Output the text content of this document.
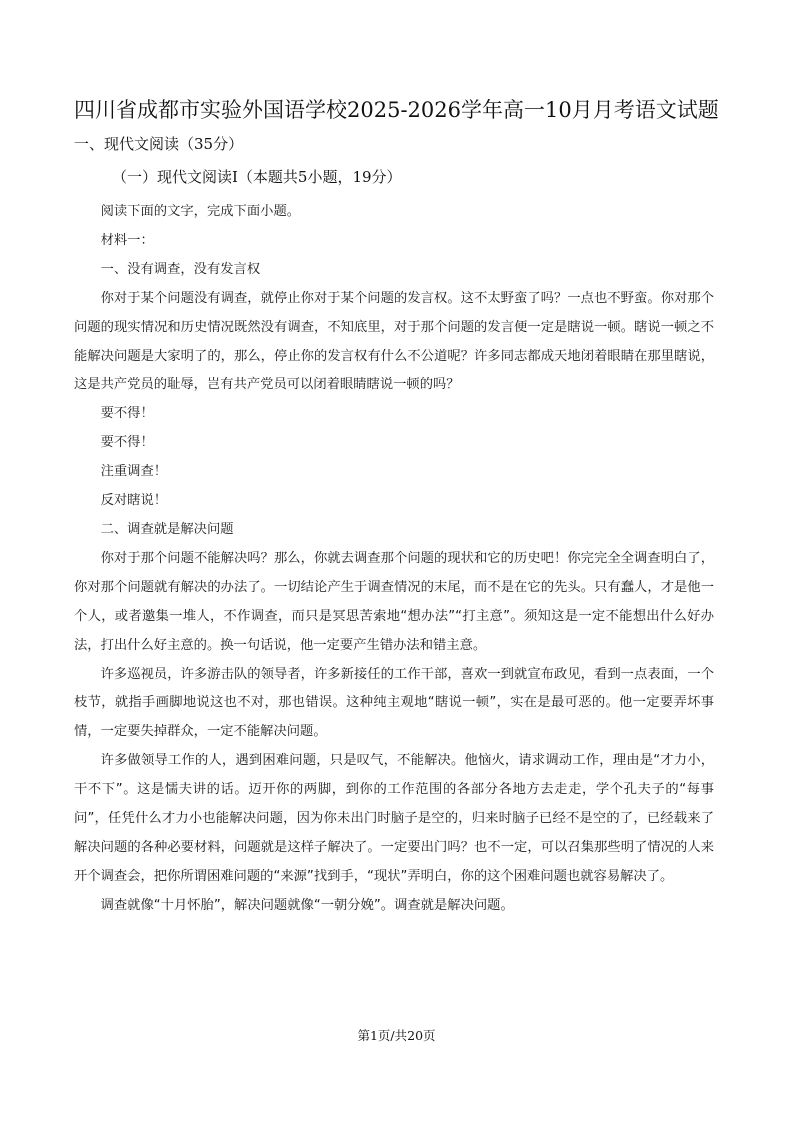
四川省成都市实验外国语学校2025-2026学年高一10月月考语文试题
一、现代文阅读（35分）
（一）现代文阅读I（本题共5小题，19分）

阅读下面的文字，完成下面小题。

材料一：

一、没有调查，没有发言权

你对于某个问题没有调查，就停止你对于某个问题的发言权。这不太野蛮了吗？一点也不野蛮。你对那个问题的现实情况和历史情况既然没有调查，不知底里，对于那个问题的发言便一定是瞎说一顿。瞎说一顿之不能解决问题是大家明了的，那么，停止你的发言权有什么不公道呢？许多同志都成天地闭着眼睛在那里瞎说，这是共产党员的耻辱，岂有共产党员可以闭着眼睛瞎说一顿的吗？

要不得！

要不得！

注重调查！

反对瞎说！

二、调查就是解决问题

你对于那个问题不能解决吗？那么，你就去调查那个问题的现状和它的历史吧！你完完全全调查明白了，你对那个问题就有解决的办法了。一切结论产生于调查情况的末尾，而不是在它的先头。只有蠢人，才是他一个人，或者邀集一堆人，不作调查，而只是冥思苦索地“想办法”“打主意”。须知这是一定不能想出什么好办法，打出什么好主意的。换一句话说，他一定要产生错办法和错主意。

许多巡视员，许多游击队的领导者，许多新接任的工作干部，喜欢一到就宣布政见，看到一点表面，一个枝节，就指手画脚地说这也不对，那也错误。这种纯主观地“瞎说一顿”，实在是最可恶的。他一定要弄坏事情，一定要失掉群众，一定不能解决问题。

许多做领导工作的人，遇到困难问题，只是叹气，不能解决。他恼火，请求调动工作，理由是“才力小，干不下”。这是懦夫讲的话。迈开你的两脚，到你的工作范围的各部分各地方去走走，学个孔夫子的“每事问”，任凭什么才力小也能解决问题，因为你未出门时脑子是空的，归来时脑子已经不是空的了，已经载来了解决问题的各种必要材料，问题就是这样子解决了。一定要出门吗？也不一定，可以召集那些明了情况的人来开个调查会，把你所谓困难问题的“来源”找到手，“现状”弄明白，你的这个困难问题也就容易解决了。

调查就像“十月怀胎”，解决问题就像“一朝分娩”。调查就是解决问题。

第1页/共20页
